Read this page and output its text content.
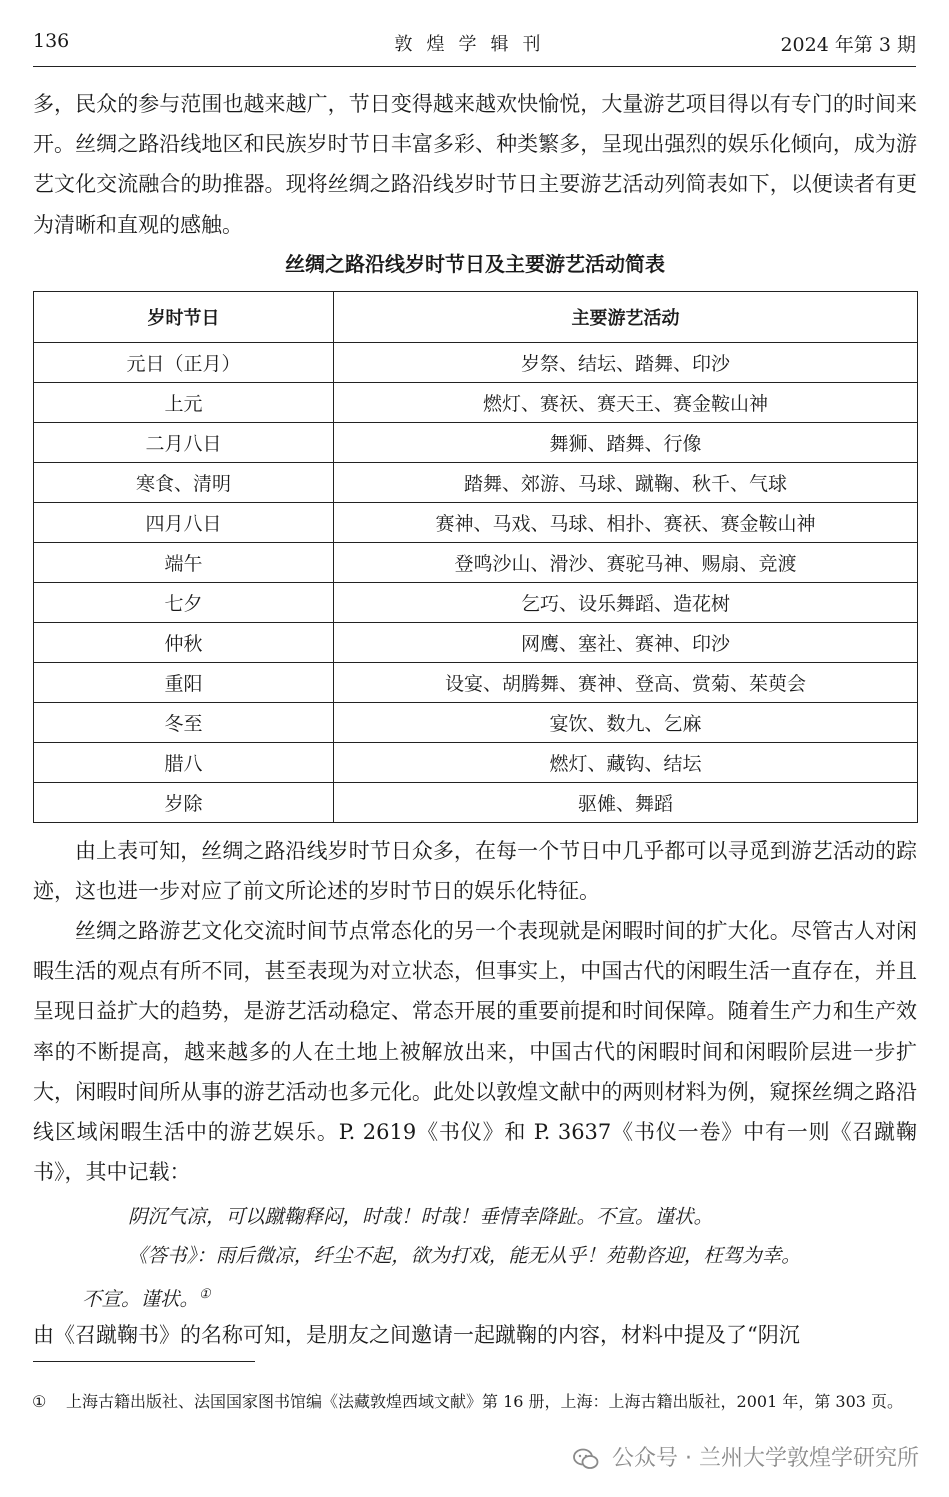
136	敦煌学辑刊	2024 年第 3 期

多，民众的参与范围也越来越广，节日变得越来越欢快愉悦，大量游艺项目得以有专门的时间来开。丝绸之路沿线地区和民族岁时节日丰富多彩、种类繁多，呈现出强烈的娱乐化倾向，成为游艺文化交流融合的助推器。现将丝绸之路沿线岁时节日主要游艺活动列简表如下，以便读者有更为清晰和直观的感触。

丝绸之路沿线岁时节日及主要游艺活动简表
岁时节日	主要游艺活动
元日（正月）	岁祭、结坛、踏舞、印沙
上元	燃灯、赛祆、赛天王、赛金鞍山神
二月八日	舞狮、踏舞、行像
寒食、清明	踏舞、郊游、马球、蹴鞠、秋千、气球
四月八日	赛神、马戏、马球、相扑、赛祆、赛金鞍山神
端午	登鸣沙山、滑沙、赛驼马神、赐扇、竞渡
七夕	乞巧、设乐舞蹈、造花树
仲秋	网鹰、塞社、赛神、印沙
重阳	设宴、胡腾舞、赛神、登高、赏菊、茱萸会
冬至	宴饮、数九、乞麻
腊八	燃灯、藏钩、结坛
岁除	驱傩、舞蹈

由上表可知，丝绸之路沿线岁时节日众多，在每一个节日中几乎都可以寻觅到游艺活动的踪迹，这也进一步对应了前文所论述的岁时节日的娱乐化特征。

丝绸之路游艺文化交流时间节点常态化的另一个表现就是闲暇时间的扩大化。尽管古人对闲暇生活的观点有所不同，甚至表现为对立状态，但事实上，中国古代的闲暇生活一直存在，并且呈现日益扩大的趋势，是游艺活动稳定、常态开展的重要前提和时间保障。随着生产力和生产效率的不断提高，越来越多的人在土地上被解放出来，中国古代的闲暇时间和闲暇阶层进一步扩大，闲暇时间所从事的游艺活动也多元化。此处以敦煌文献中的两则材料为例，窥探丝绸之路沿线区域闲暇生活中的游艺娱乐。P. 2619《书仪》和 P. 3637《书仪一卷》中有一则《召蹴鞠书》，其中记载：

阴沉气凉，可以蹴鞠释闷，时哉！时哉！垂情幸降趾。不宣。谨状。
《答书》：雨后微凉，纤尘不起，欲为打戏，能无从乎！苑勒咨迎，枉驾为幸。
不宣。谨状。①

由《召蹴鞠书》的名称可知，是朋友之间邀请一起蹴鞠的内容，材料中提及了“阴沉

① 上海古籍出版社、法国国家图书馆编《法藏敦煌西域文献》第 16 册，上海：上海古籍出版社，2001 年，第 303 页。
公众号 · 兰州大学敦煌学研究所
